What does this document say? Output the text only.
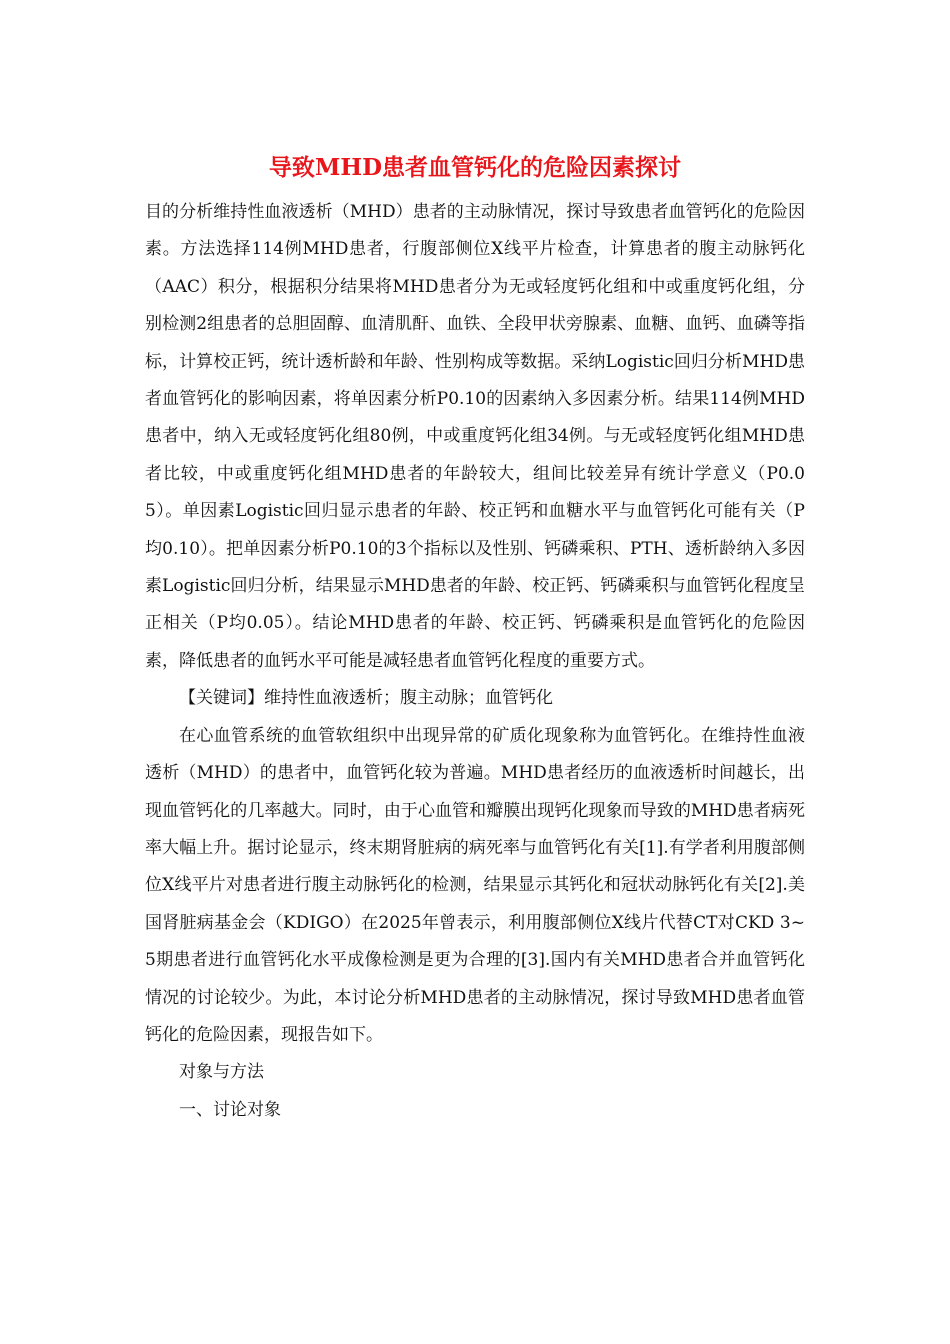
导致MHD患者血管钙化的危险因素探讨

目的分析维持性血液透析（MHD）患者的主动脉情况，探讨导致患者血管钙化的危险因素。方法选择114例MHD患者，行腹部侧位X线平片检查，计算患者的腹主动脉钙化（AAC）积分，根据积分结果将MHD患者分为无或轻度钙化组和中或重度钙化组，分别检测2组患者的总胆固醇、血清肌酐、血铁、全段甲状旁腺素、血糖、血钙、血磷等指标，计算校正钙，统计透析龄和年龄、性别构成等数据。采纳Logistic回归分析MHD患者血管钙化的影响因素，将单因素分析P0.10的因素纳入多因素分析。结果114例MHD患者中，纳入无或轻度钙化组80例，中或重度钙化组34例。与无或轻度钙化组MHD患者比较，中或重度钙化组MHD患者的年龄较大，组间比较差异有统计学意义（P0.05）。单因素Logistic回归显示患者的年龄、校正钙和血糖水平与血管钙化可能有关（P均0.10）。把单因素分析P0.10的3个指标以及性别、钙磷乘积、PTH、透析龄纳入多因素Logistic回归分析，结果显示MHD患者的年龄、校正钙、钙磷乘积与血管钙化程度呈正相关（P均0.05）。结论MHD患者的年龄、校正钙、钙磷乘积是血管钙化的危险因素，降低患者的血钙水平可能是减轻患者血管钙化程度的重要方式。

【关键词】维持性血液透析；腹主动脉；血管钙化

在心血管系统的血管软组织中出现异常的矿质化现象称为血管钙化。在维持性血液透析（MHD）的患者中，血管钙化较为普遍。MHD患者经历的血液透析时间越长，出现血管钙化的几率越大。同时，由于心血管和瓣膜出现钙化现象而导致的MHD患者病死率大幅上升。据讨论显示，终末期肾脏病的病死率与血管钙化有关[1].有学者利用腹部侧位X线平片对患者进行腹主动脉钙化的检测，结果显示其钙化和冠状动脉钙化有关[2].美国肾脏病基金会（KDIGO）在2025年曾表示，利用腹部侧位X线片代替CT对CKD 3~5期患者进行血管钙化水平成像检测是更为合理的[3].国内有关MHD患者合并血管钙化情况的讨论较少。为此，本讨论分析MHD患者的主动脉情况，探讨导致MHD患者血管钙化的危险因素，现报告如下。

对象与方法

一、讨论对象
